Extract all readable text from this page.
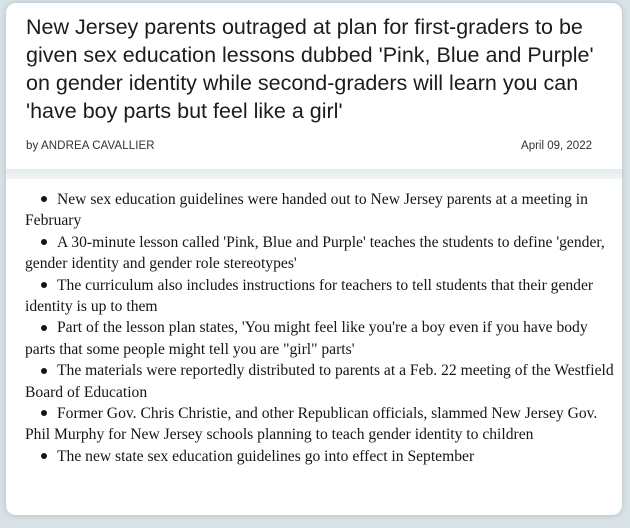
New Jersey parents outraged at plan for first-graders to be given sex education lessons dubbed 'Pink, Blue and Purple' on gender identity while second-graders will learn you can 'have boy parts but feel like a girl'
by ANDREA CAVALLIER	April 09, 2022
New sex education guidelines were handed out to New Jersey parents at a meeting in February
A 30-minute lesson called 'Pink, Blue and Purple' teaches the students to define 'gender, gender identity and gender role stereotypes'
The curriculum also includes instructions for teachers to tell students that their gender identity is up to them
Part of the lesson plan states, 'You might feel like you're a boy even if you have body parts that some people might tell you are "girl" parts'
The materials were reportedly distributed to parents at a Feb. 22 meeting of the Westfield Board of Education
Former Gov. Chris Christie, and other Republican officials, slammed New Jersey Gov. Phil Murphy for New Jersey schools planning to teach gender identity to children
The new state sex education guidelines go into effect in September
